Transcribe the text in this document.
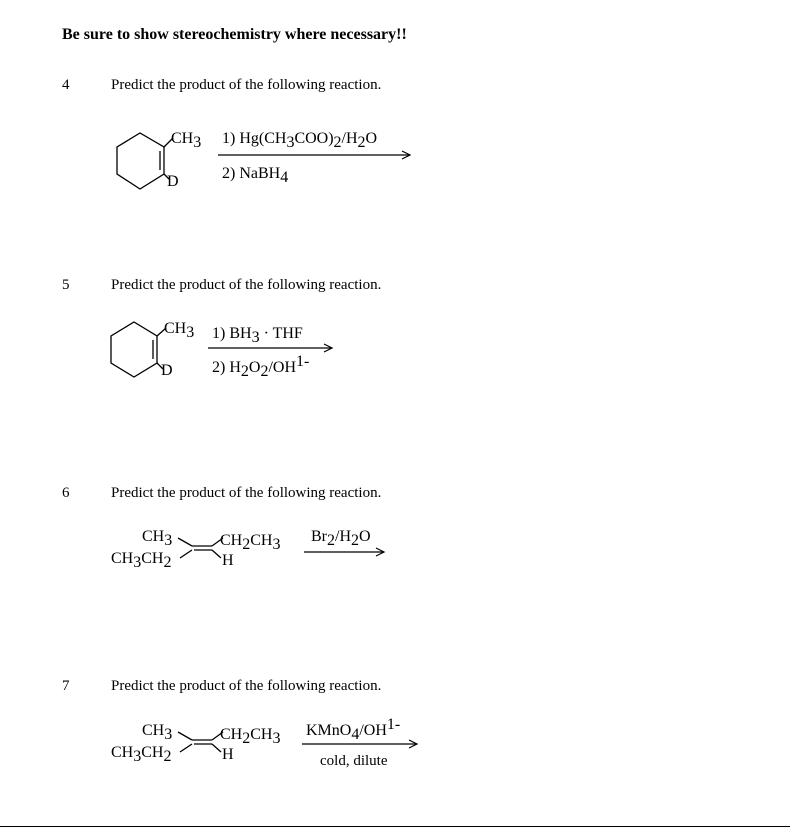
Be sure to show stereochemistry where necessary!!
4	Predict the product of the following reaction.
5	Predict the product of the following reaction.
6	Predict the product of the following reaction.
7	Predict the product of the following reaction.
CH3
D
1) Hg(CH3COO)2/H2O
2) NaBH4
CH3
D
1) BH3 · THF
2) H2O2/OH1-
CH3
CH3CH2
CH2CH3
H
Br2/H2O
CH3
CH3CH2
CH2CH3
H
KMnO4/OH1-
cold, dilute
